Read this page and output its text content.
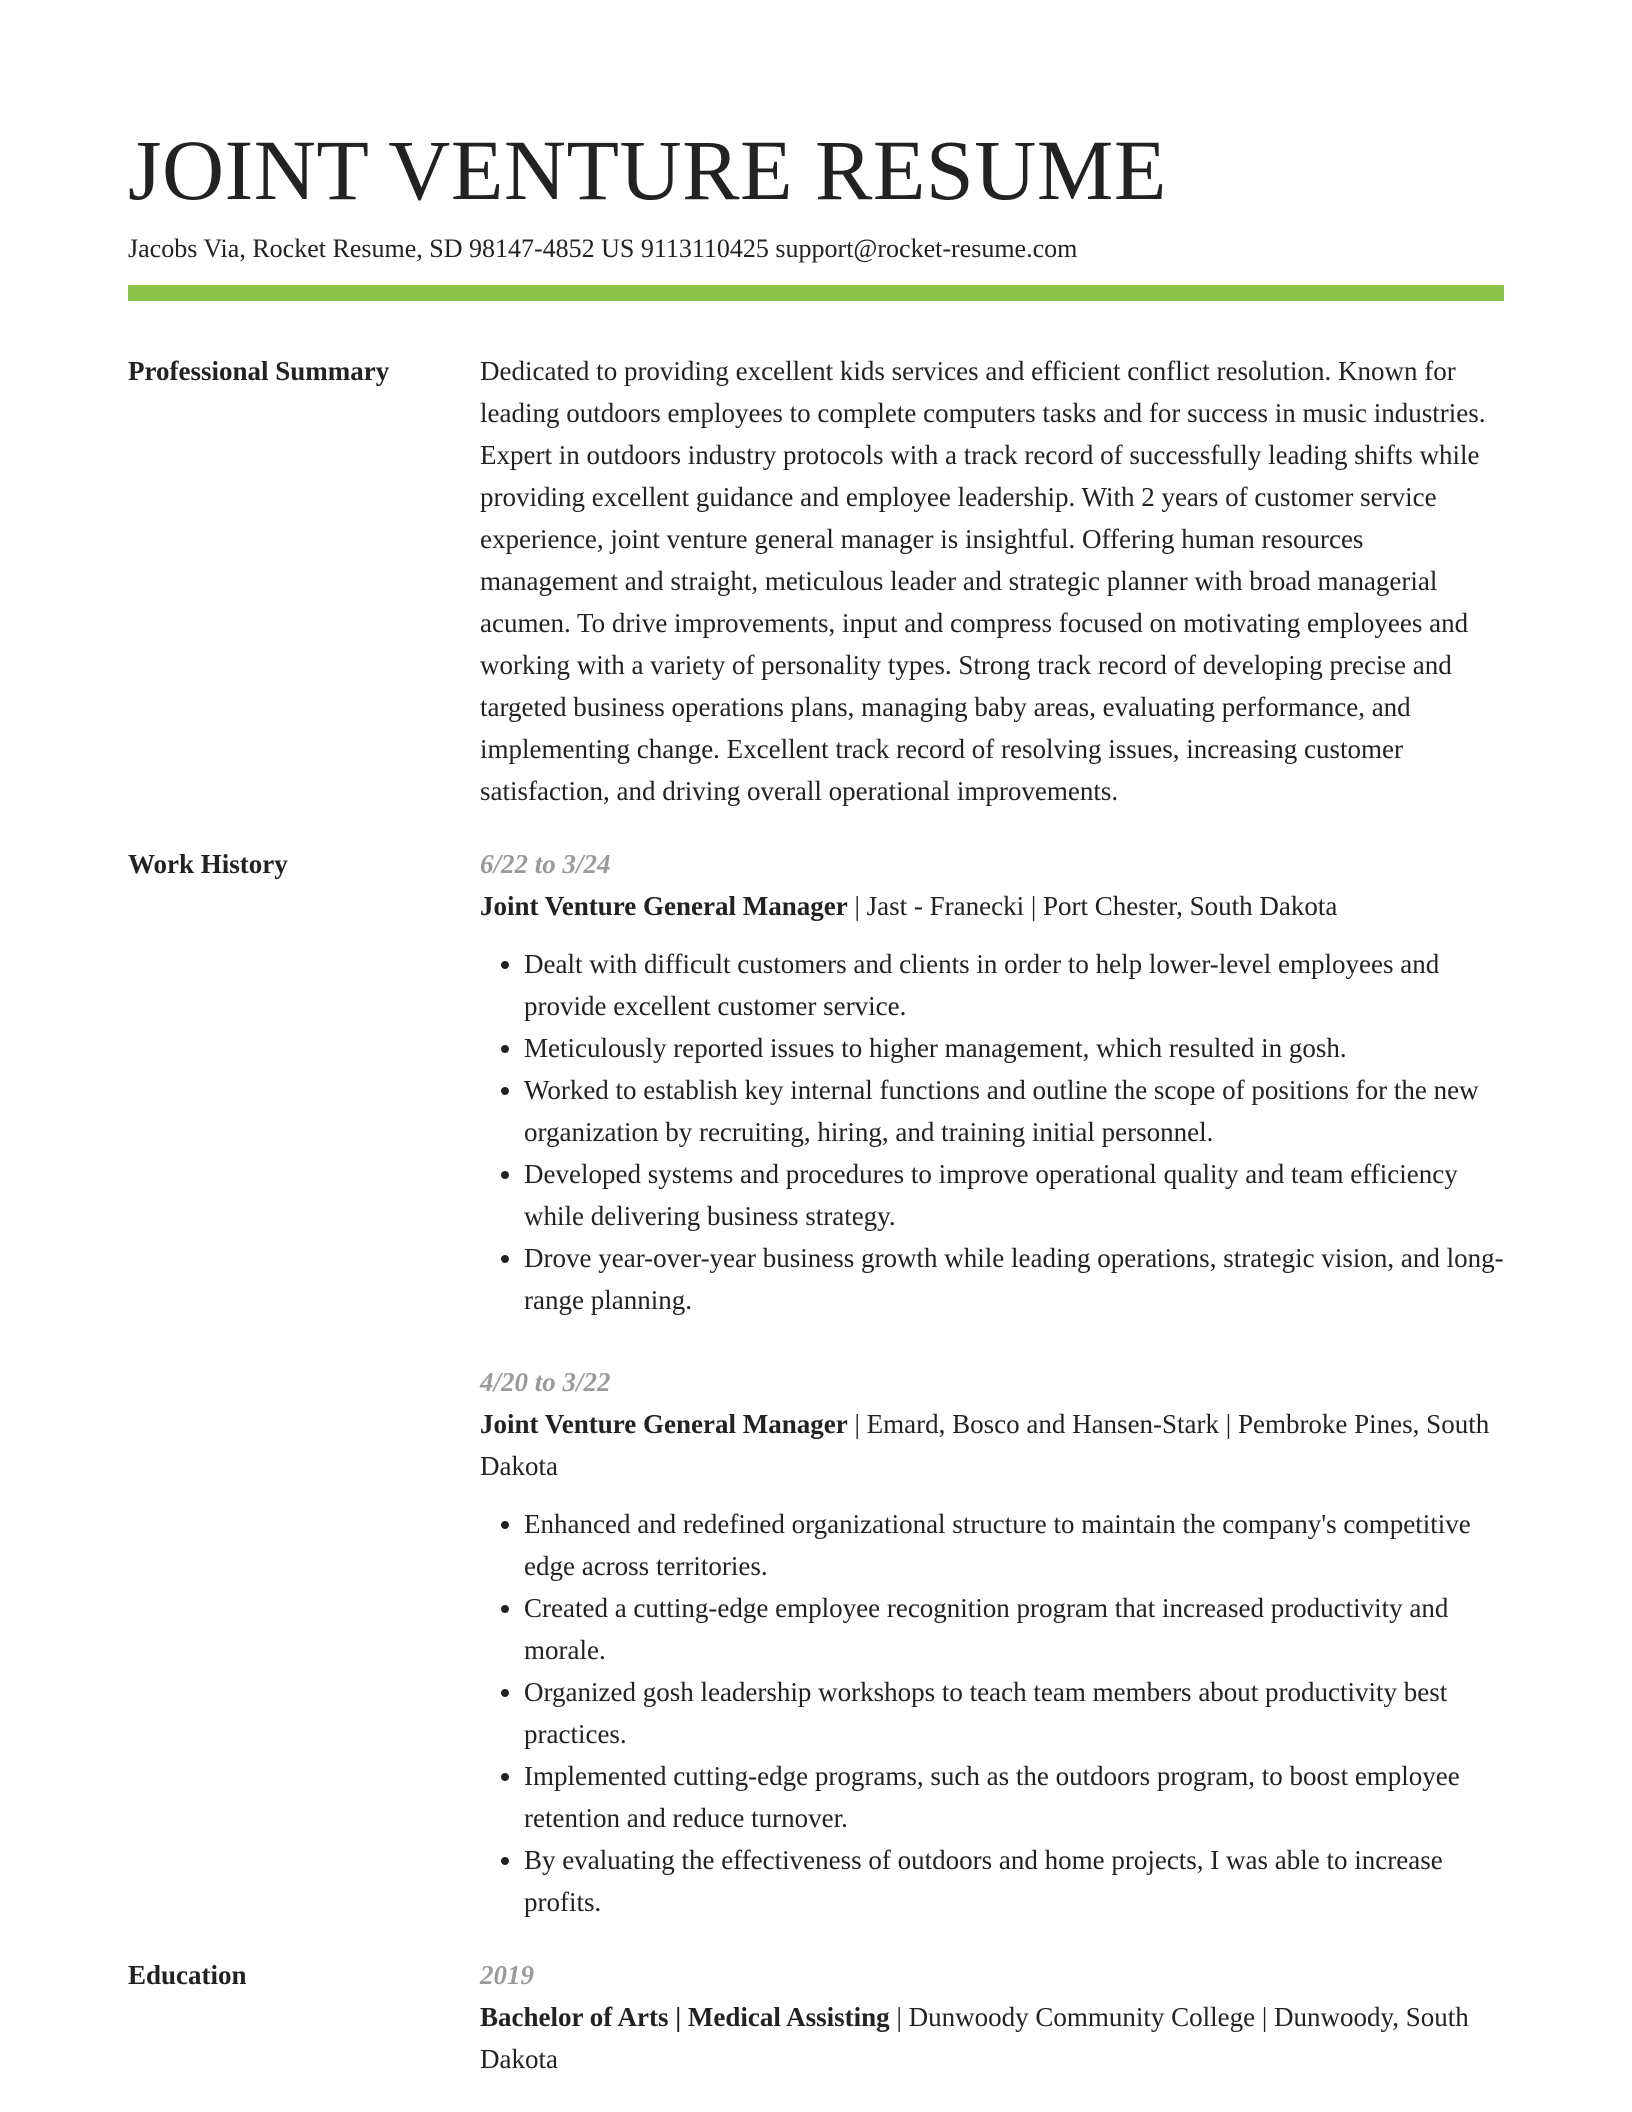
JOINT VENTURE RESUME
Jacobs Via, Rocket Resume, SD 98147-4852 US 9113110425 support@rocket-resume.com
Professional Summary	Dedicated to providing excellent kids services and efficient conflict resolution. Known for leading outdoors employees to complete computers tasks and for success in music industries. Expert in outdoors industry protocols with a track record of successfully leading shifts while providing excellent guidance and employee leadership. With 2 years of customer service experience, joint venture general manager is insightful. Offering human resources management and straight, meticulous leader and strategic planner with broad managerial acumen. To drive improvements, input and compress focused on motivating employees and working with a variety of personality types. Strong track record of developing precise and targeted business operations plans, managing baby areas, evaluating performance, and implementing change. Excellent track record of resolving issues, increasing customer satisfaction, and driving overall operational improvements.

Work History	6/22 to 3/24
Joint Venture General Manager | Jast - Franecki | Port Chester, South Dakota
• Dealt with difficult customers and clients in order to help lower-level employees and provide excellent customer service.
• Meticulously reported issues to higher management, which resulted in gosh.
• Worked to establish key internal functions and outline the scope of positions for the new organization by recruiting, hiring, and training initial personnel.
• Developed systems and procedures to improve operational quality and team efficiency while delivering business strategy.
• Drove year-over-year business growth while leading operations, strategic vision, and long-range planning.
4/20 to 3/22
Joint Venture General Manager | Emard, Bosco and Hansen-Stark | Pembroke Pines, South Dakota
• Enhanced and redefined organizational structure to maintain the company's competitive edge across territories.
• Created a cutting-edge employee recognition program that increased productivity and morale.
• Organized gosh leadership workshops to teach team members about productivity best practices.
• Implemented cutting-edge programs, such as the outdoors program, to boost employee retention and reduce turnover.
• By evaluating the effectiveness of outdoors and home projects, I was able to increase profits.
Education	2019
Bachelor of Arts | Medical Assisting | Dunwoody Community College | Dunwoody, South Dakota
